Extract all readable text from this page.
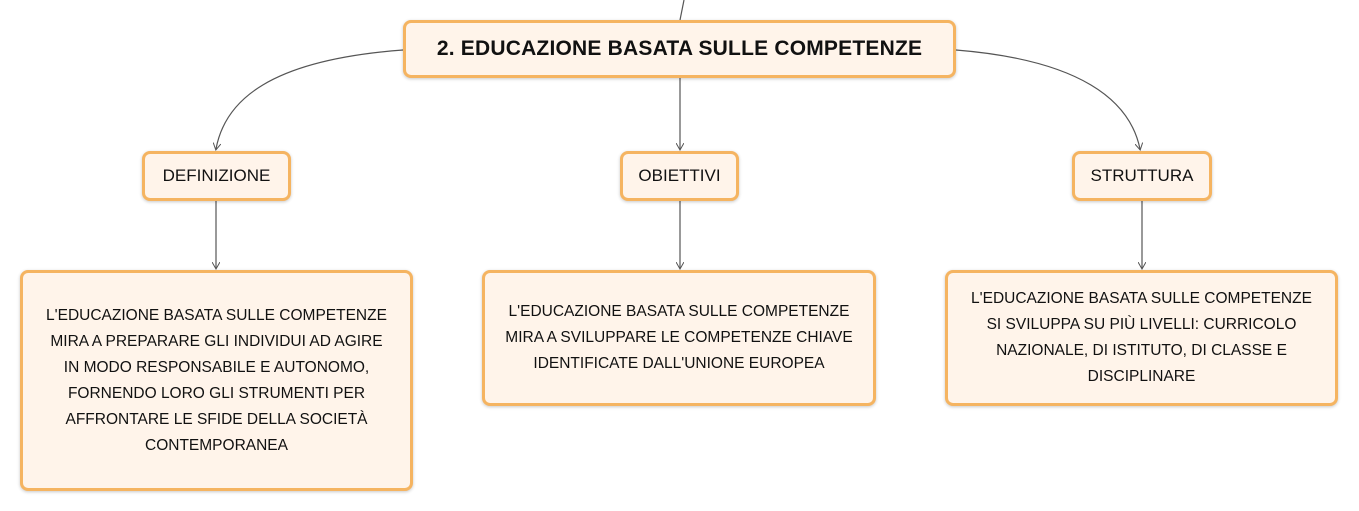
2. EDUCAZIONE BASATA SULLE COMPETENZE
DEFINIZIONE	OBIETTIVI	STRUTTURA
L'EDUCAZIONE BASATA SULLE COMPETENZE MIRA A PREPARARE GLI INDIVIDUI AD AGIRE IN MODO RESPONSABILE E AUTONOMO, FORNENDO LORO GLI STRUMENTI PER AFFRONTARE LE SFIDE DELLA SOCIETÀ CONTEMPORANEA
L'EDUCAZIONE BASATA SULLE COMPETENZE MIRA A SVILUPPARE LE COMPETENZE CHIAVE IDENTIFICATE DALL'UNIONE EUROPEA
L'EDUCAZIONE BASATA SULLE COMPETENZE SI SVILUPPA SU PIÙ LIVELLI: CURRICOLO NAZIONALE, DI ISTITUTO, DI CLASSE E DISCIPLINARE
